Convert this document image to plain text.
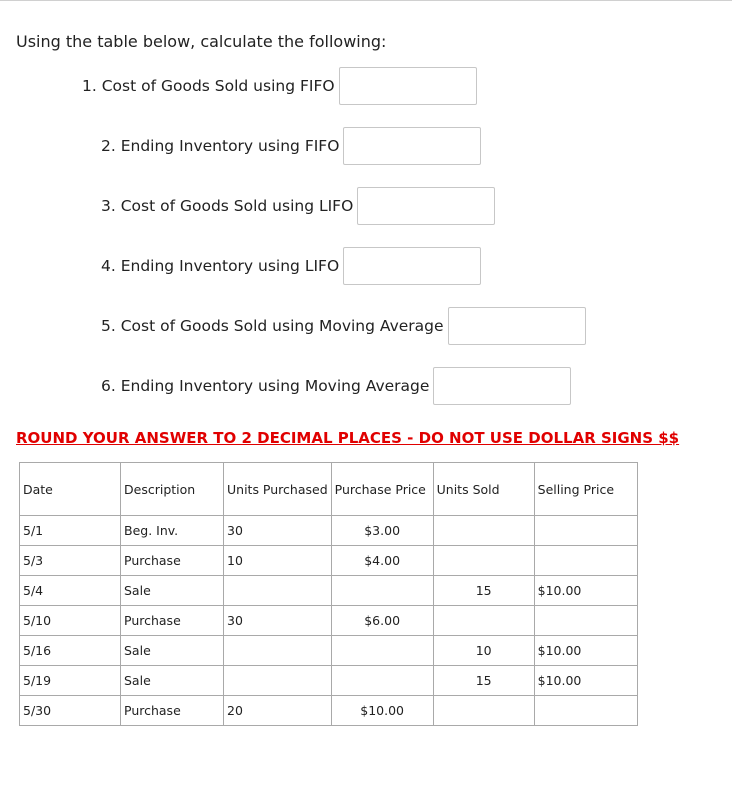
Using the table below, calculate the following:
1. Cost of Goods Sold using FIFO
2. Ending Inventory using FIFO
3. Cost of Goods Sold using LIFO
4. Ending Inventory using LIFO
5. Cost of Goods Sold using Moving Average
6. Ending Inventory using Moving Average
ROUND YOUR ANSWER TO 2 DECIMAL PLACES - DO NOT USE DOLLAR SIGNS $$
Date	Description	Units Purchased	Purchase Price	Units Sold	Selling Price
5/1	Beg. Inv.	30	$3.00		
5/3	Purchase	10	$4.00		
5/4	Sale			15	$10.00
5/10	Purchase	30	$6.00		
5/16	Sale			10	$10.00
5/19	Sale			15	$10.00
5/30	Purchase	20	$10.00		
